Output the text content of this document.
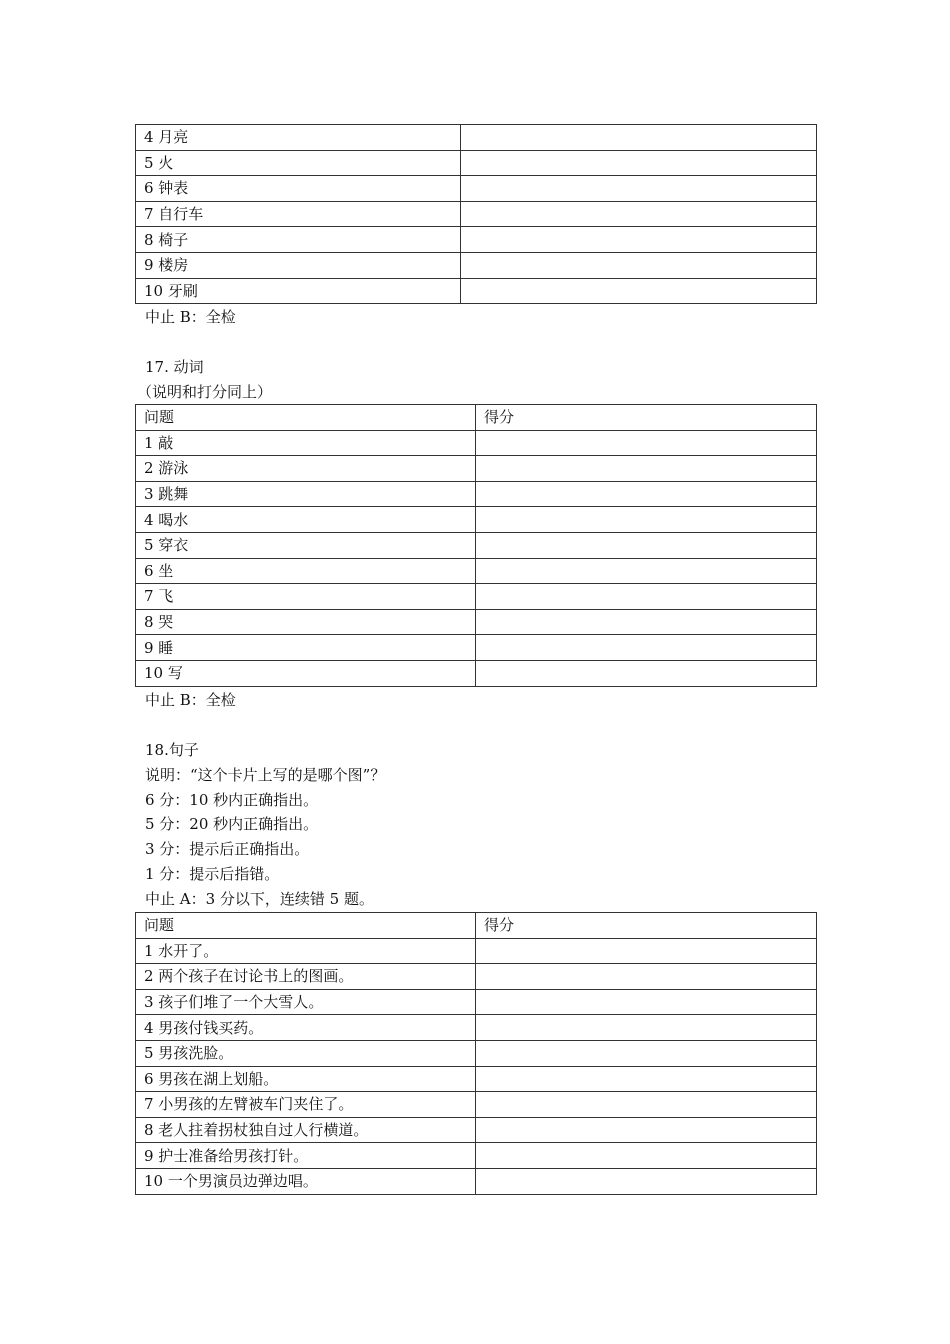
4 月亮	
5 火	
6 钟表	
7 自行车	
8 椅子	
9 楼房	
10 牙刷	
中止 B：全检
17. 动词
（说明和打分同上）
问题	得分
1 敲	
2 游泳	
3 跳舞	
4 喝水	
5 穿衣	
6 坐	
7 飞	
8 哭	
9 睡	
10 写	
中止 B：全检
18.句子
说明：“这个卡片上写的是哪个图”？
6 分：10 秒内正确指出。
5 分：20 秒内正确指出。
3 分：提示后正确指出。
1 分：提示后指错。
中止 A：3 分以下，连续错 5 题。
问题	得分
1 水开了。	
2 两个孩子在讨论书上的图画。	
3 孩子们堆了一个大雪人。	
4 男孩付钱买药。	
5 男孩洗脸。	
6 男孩在湖上划船。	
7 小男孩的左臂被车门夹住了。	
8 老人拄着拐杖独自过人行横道。	
9 护士准备给男孩打针。	
10 一个男演员边弹边唱。	
